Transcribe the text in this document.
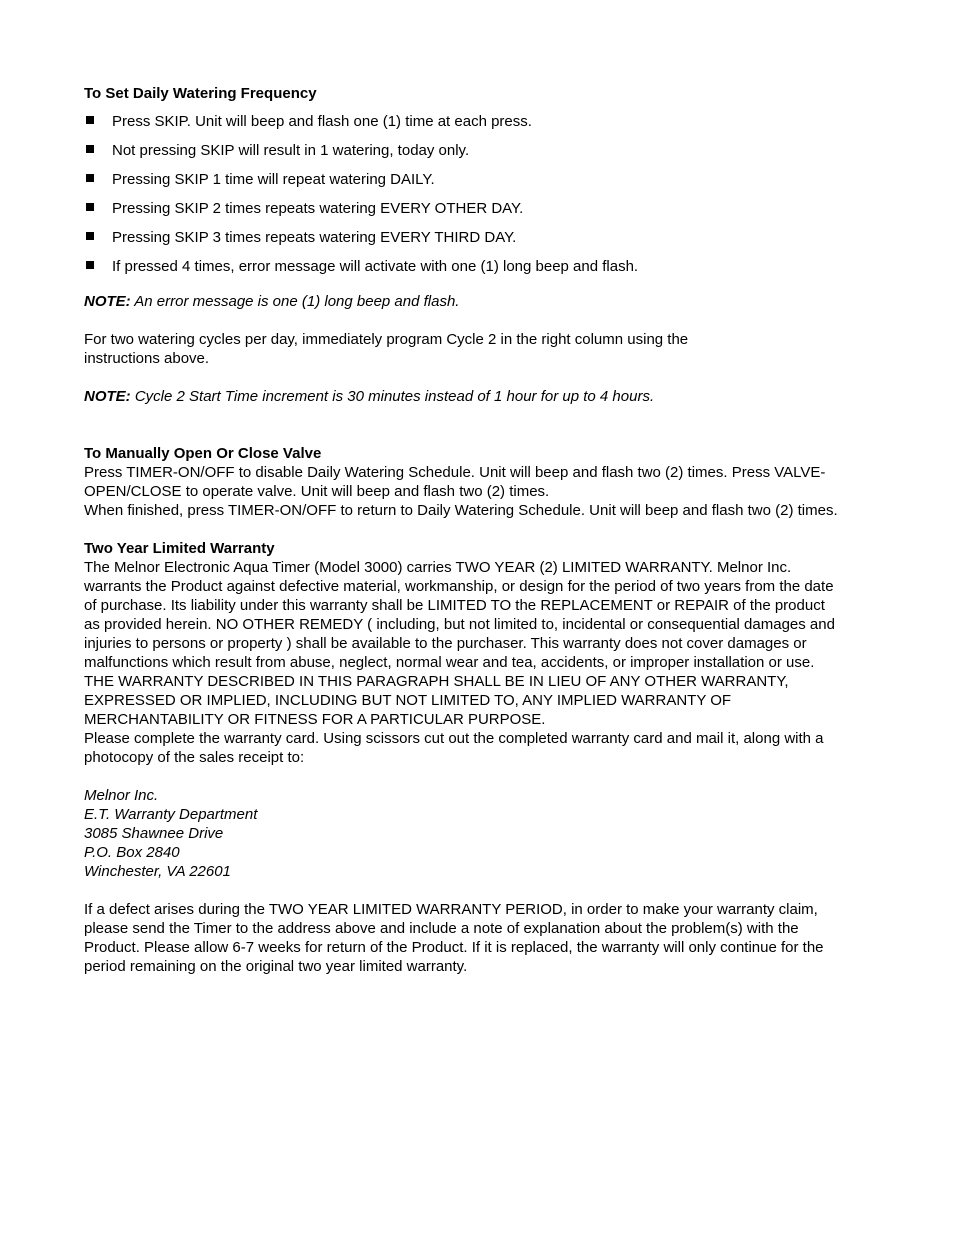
To Set Daily Watering Frequency
Press SKIP. Unit will beep and flash one (1) time at each press.
Not pressing SKIP will result in 1 watering, today only.
Pressing SKIP 1 time will repeat watering DAILY.
Pressing SKIP 2 times repeats watering EVERY OTHER DAY.
Pressing SKIP 3 times repeats watering EVERY THIRD DAY.
If pressed 4 times, error message will activate with one (1) long beep and flash.
NOTE: An error message is one (1) long beep and flash.
For two watering cycles per day, immediately program Cycle 2 in the right column using the
instructions above.
NOTE: Cycle 2 Start Time increment is 30 minutes instead of 1 hour for up to 4 hours.
To Manually Open Or Close Valve
Press TIMER-ON/OFF to disable Daily Watering Schedule. Unit will beep and flash two (2) times. Press VALVE-
OPEN/CLOSE to operate valve. Unit will beep and flash two (2) times.
When finished, press TIMER-ON/OFF to return to Daily Watering Schedule. Unit will beep and flash two (2) times.
Two Year Limited Warranty
The Melnor Electronic Aqua Timer (Model 3000) carries TWO YEAR (2) LIMITED WARRANTY. Melnor Inc.
warrants the Product against defective material, workmanship, or design for the period of two years from the date
of purchase. Its liability under this warranty shall be LIMITED TO the REPLACEMENT or REPAIR of the product
as provided herein. NO OTHER REMEDY ( including, but not limited to, incidental or consequential damages and
injuries to persons or property ) shall be available to the purchaser. This warranty does not cover damages or
malfunctions which result from abuse, neglect, normal wear and tea, accidents, or improper installation or use.
THE WARRANTY DESCRIBED IN THIS PARAGRAPH SHALL BE IN LIEU OF ANY OTHER WARRANTY,
EXPRESSED OR IMPLIED, INCLUDING BUT NOT LIMITED TO, ANY IMPLIED WARRANTY OF
MERCHANTABILITY OR FITNESS FOR A PARTICULAR PURPOSE.
Please complete the warranty card. Using scissors cut out the completed warranty card and mail it, along with a
photocopy of the sales receipt to:
Melnor Inc.
E.T. Warranty Department
3085 Shawnee Drive
P.O. Box 2840
Winchester, VA 22601
If a defect arises during the TWO YEAR LIMITED WARRANTY PERIOD, in order to make your warranty claim,
please send the Timer to the address above and include a note of explanation about the problem(s) with the
Product. Please allow 6-7 weeks for return of the Product. If it is replaced, the warranty will only continue for the
period remaining on the original two year limited warranty.
